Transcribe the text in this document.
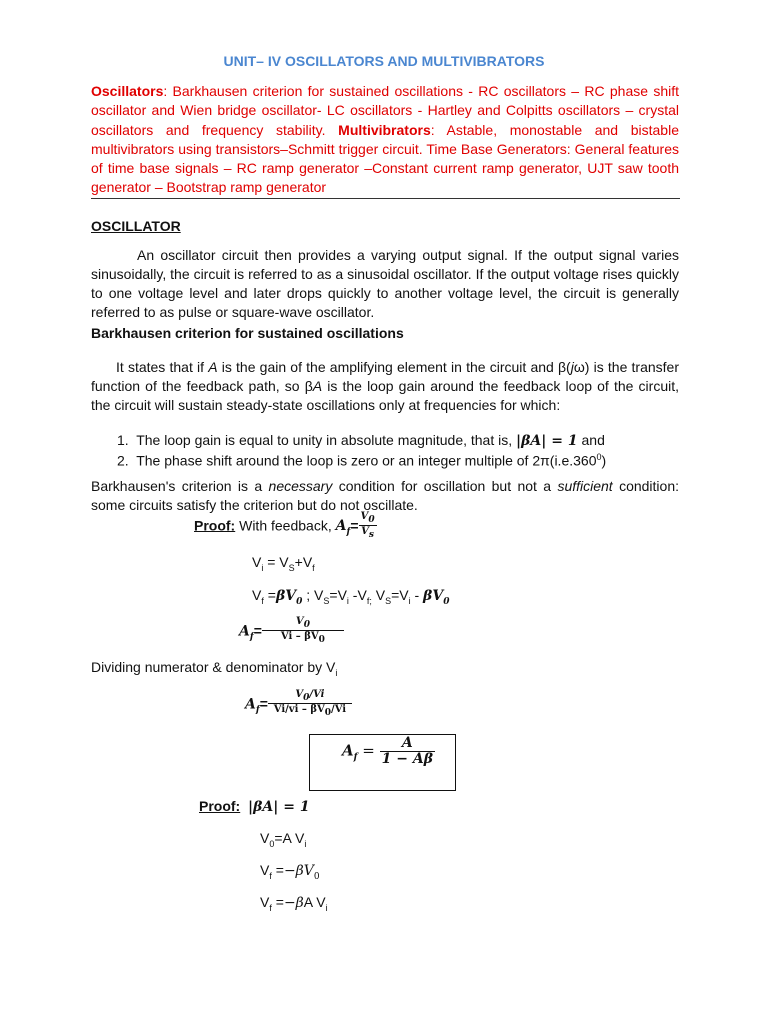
UNIT– IV OSCILLATORS AND MULTIVIBRATORS
Oscillators: Barkhausen criterion for sustained oscillations - RC oscillators – RC phase shift oscillator and Wien bridge oscillator- LC oscillators - Hartley and Colpitts oscillators – crystal oscillators and frequency stability. Multivibrators: Astable, monostable and bistable multivibrators using transistors–Schmitt trigger circuit. Time Base Generators: General features of time base signals – RC ramp generator –Constant current ramp generator, UJT saw tooth generator – Bootstrap ramp generator
OSCILLATOR
An oscillator circuit then provides a varying output signal. If the output signal varies sinusoidally, the circuit is referred to as a sinusoidal oscillator. If the output voltage rises quickly to one voltage level and later drops quickly to another voltage level, the circuit is generally referred to as pulse or square-wave oscillator.
Barkhausen criterion for sustained oscillations
It states that if A is the gain of the amplifying element in the circuit and β(jω) is the transfer function of the feedback path, so βA is the loop gain around the feedback loop of the circuit, the circuit will sustain steady-state oscillations only at frequencies for which:
1. The loop gain is equal to unity in absolute magnitude, that is, |βA| = 1 and
2. The phase shift around the loop is zero or an integer multiple of 2π(i.e.360$^0$)
Barkhausen's criterion is a necessary condition for oscillation but not a sufficient condition: some circuits satisfy the criterion but do not oscillate.
Proof: With feedback, $A_f= \frac{V_0}{V_s}$
$V_i = V_S+V_f$
$V_f =\beta V_0$ ; $V_S=V_i$ $-V_{f;}$ $V_S=V_i - \beta V_0$
$A_f= \frac{V_0}{Vi - \beta V_0}$
Dividing numerator & denominator by $V_i$
$A_f= \frac{V_0/Vi}{Vi/vi - \beta V_0/Vi}$
$A_f = \frac{A}{1 - A\beta}$
Proof: |βA| = 1
$V_0=A$ $V_i$
$V_f =-\beta V_0$
$V_f =-\beta A$ $V_i$
